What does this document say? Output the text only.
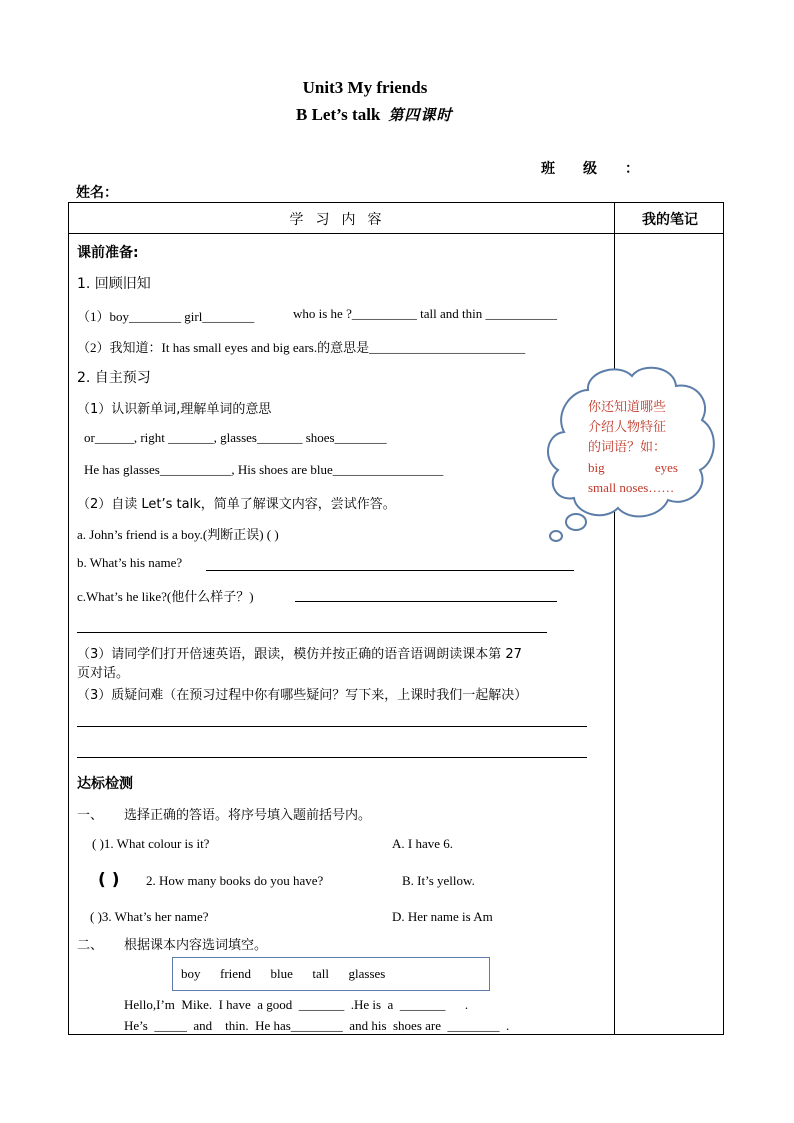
Unit3 My friends
B Let’s talk 第四课时
班　　级　　：
姓名：
学习内容	我的笔记
课前准备:
1. 回顾旧知
（1）boy________ girl________	who is he ?__________ tall and thin ___________
（2）我知道：It has small eyes and big ears.的意思是________________________
2. 自主预习
（1）认识新单词,理解单词的意思
or______, right _______, glasses_______ shoes________
He has glasses___________, His shoes are blue_________________
（2）自读 Let’s talk，简单了解课文内容，尝试作答。
a. John’s friend is a boy.(判断正误) ( )
b. What’s his name?
c.What’s he like?(他什么样子？)
（3）请同学们打开倍速英语，跟读，模仿并按正确的语音语调朗读课本第 27
页对话。
（3）质疑问难（在预习过程中你有哪些疑问？写下来，上课时我们一起解决）
你还知道哪些
介绍人物特征
的词语？如：
big	eyes
small noses……
达标检测
一、 选择正确的答语。将序号填入题前括号内。
( )1. What colour is it?	A. I have 6.
( ) 2. How many books do you have?	B. It’s yellow.
( )3. What’s her name?	D. Her name is Am
二、 根据课本内容选词填空。
boy      friend      blue      tall      glasses
Hello,I’m  Mike.  I have  a good  _______  .He is  a  _______      .
He’s  _____  and    thin.  He has________  and his  shoes are  ________  .
